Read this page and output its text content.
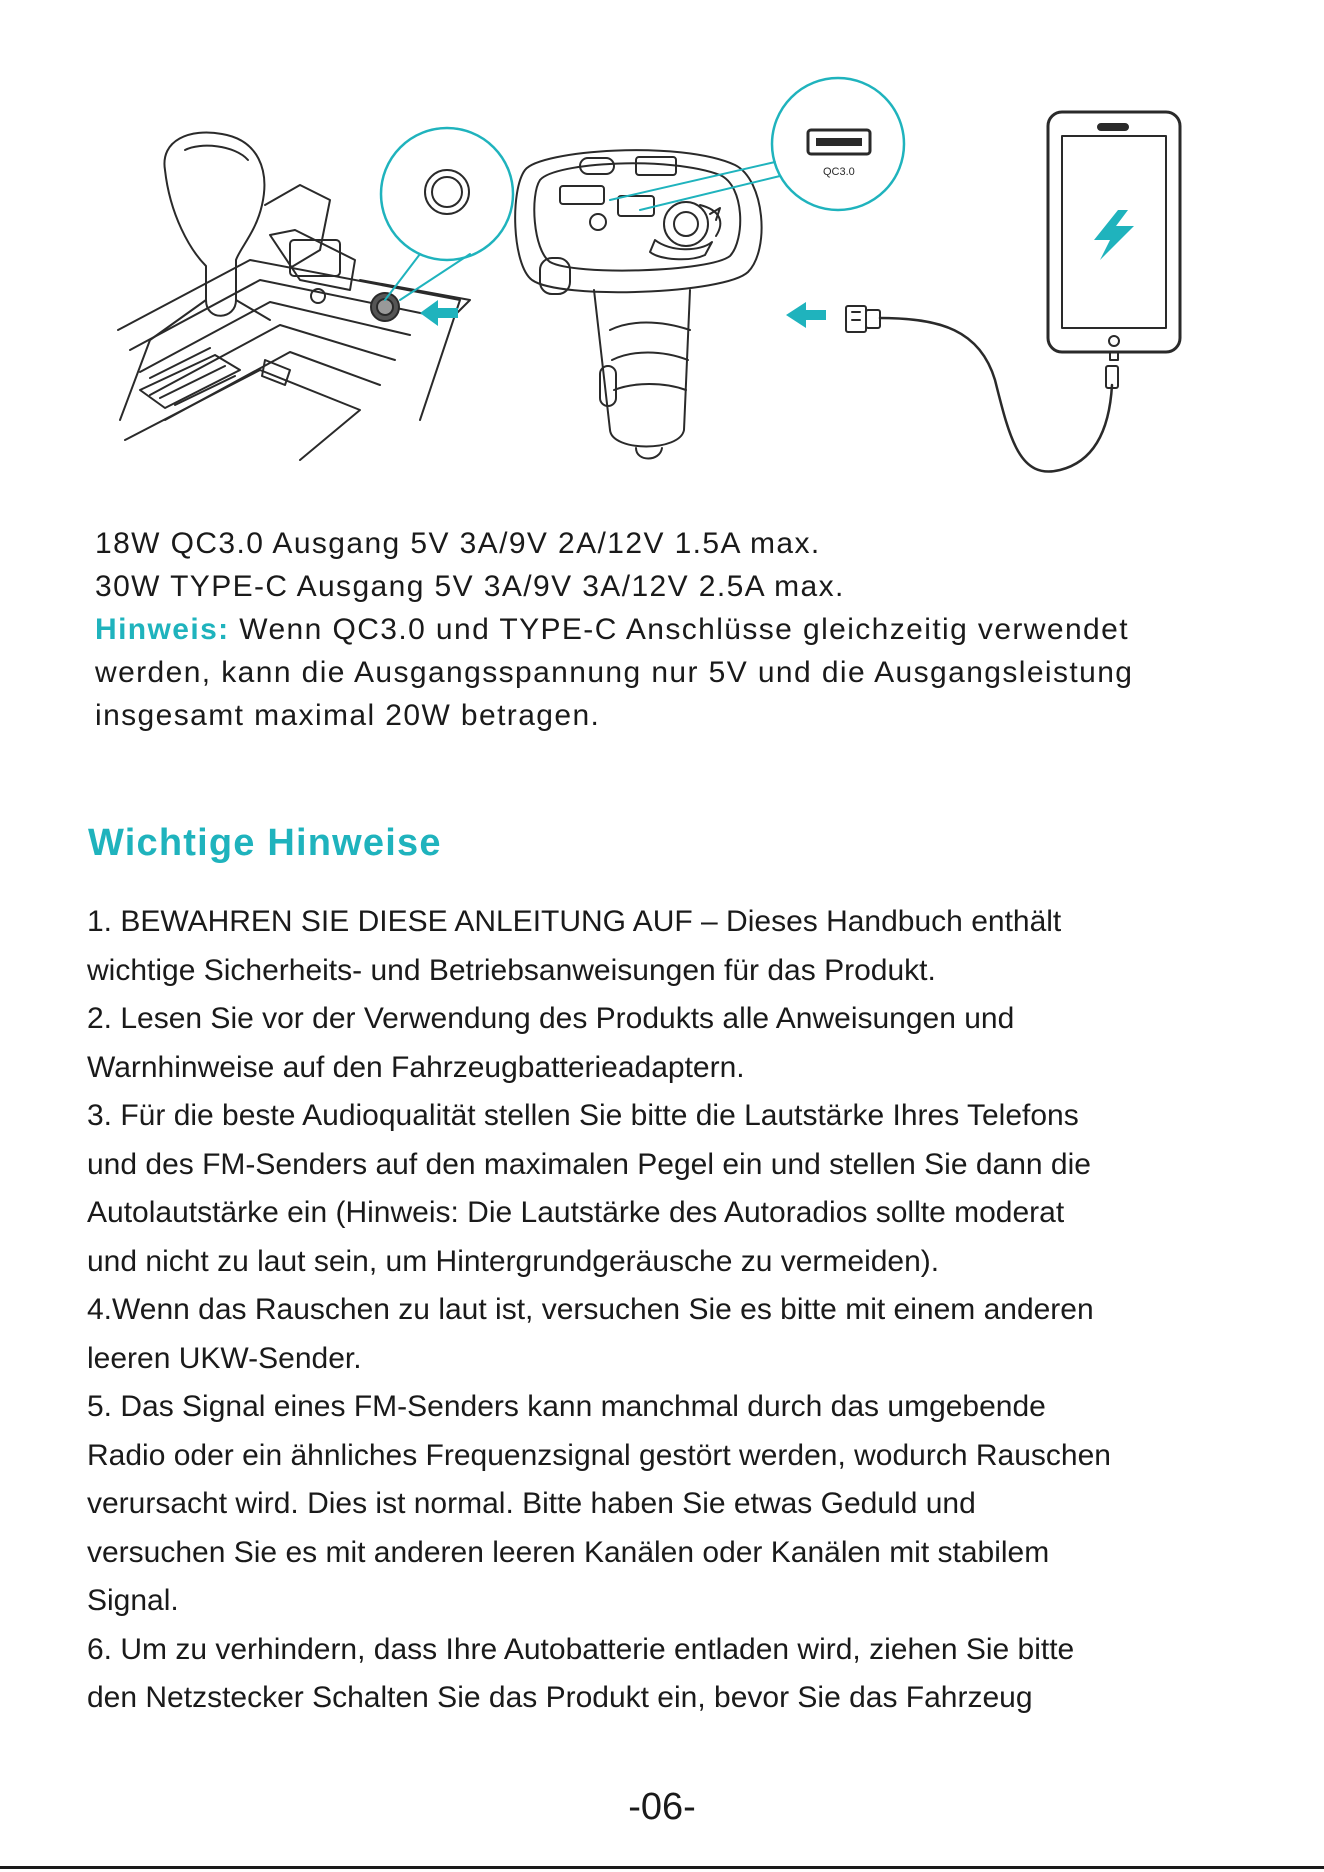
QC3.0
18W QC3.0 Ausgang 5V 3A/9V 2A/12V 1.5A max.
30W TYPE-C Ausgang 5V 3A/9V 3A/12V 2.5A max.
Hinweis: Wenn QC3.0 und TYPE-C Anschlüsse gleichzeitig verwendet
werden, kann die Ausgangsspannung nur 5V und die Ausgangsleistung
insgesamt maximal 20W betragen.
Wichtige Hinweise

1. BEWAHREN SIE DIESE ANLEITUNG AUF – Dieses Handbuch enthält

wichtige Sicherheits- und Betriebsanweisungen für das Produkt.

2. Lesen Sie vor der Verwendung des Produkts alle Anweisungen und

Warnhinweise auf den Fahrzeugbatterieadaptern.

3. Für die beste Audioqualität stellen Sie bitte die Lautstärke Ihres Telefons

und des FM-Senders auf den maximalen Pegel ein und stellen Sie dann die

Autolautstärke ein (Hinweis: Die Lautstärke des Autoradios sollte moderat

und nicht zu laut sein, um Hintergrundgeräusche zu vermeiden).

4.Wenn das Rauschen zu laut ist, versuchen Sie es bitte mit einem anderen

leeren UKW-Sender.

5. Das Signal eines FM-Senders kann manchmal durch das umgebende

Radio oder ein ähnliches Frequenzsignal gestört werden, wodurch Rauschen

verursacht wird. Dies ist normal. Bitte haben Sie etwas Geduld und

versuchen Sie es mit anderen leeren Kanälen oder Kanälen mit stabilem

Signal.

6. Um zu verhindern, dass Ihre Autobatterie entladen wird, ziehen Sie bitte

den Netzstecker Schalten Sie das Produkt ein, bevor Sie das Fahrzeug

-06-
